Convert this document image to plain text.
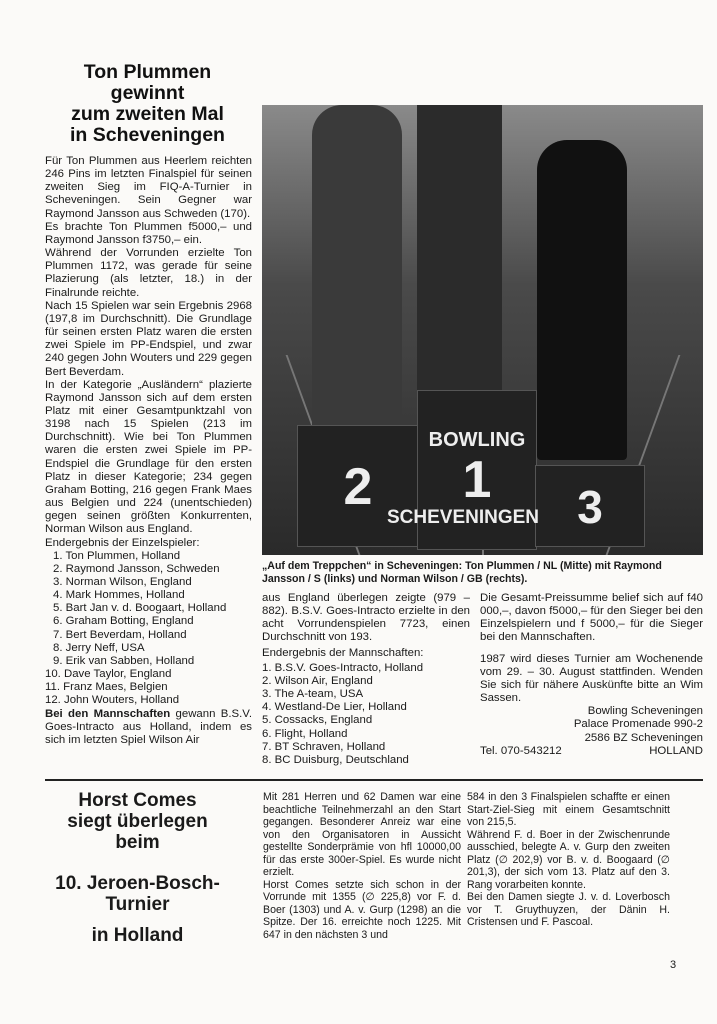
Ton Plummen
gewinnt
zum zweiten Mal
in Scheveningen

Für Ton Plummen aus Heerlem reichten 246 Pins im letzten Finalspiel für seinen zweiten Sieg im FIQ-A-Turnier in Scheveningen. Sein Gegner war Raymond Jansson aus Schweden (170).

Es brachte Ton Plummen f5000,– und Raymond Jansson f3750,– ein.

Während der Vorrunden erzielte Ton Plummen 1172, was gerade für seine Plazierung (als letzter, 18.) in der Finalrunde reichte.

Nach 15 Spielen war sein Ergebnis 2968 (197,8 im Durchschnitt). Die Grundlage für seinen ersten Platz waren die ersten zwei Spiele im PP-Endspiel, und zwar 240 gegen John Wouters und 229 gegen Bert Beverdam.

In der Kategorie „Ausländern“ plazierte Raymond Jansson sich auf dem ersten Platz mit einer Gesamtpunktzahl von 3198 nach 15 Spielen (213 im Durchschnitt). Wie bei Ton Plummen waren die ersten zwei Spiele im PP-Endspiel die Grundlage für den ersten Platz in dieser Kategorie; 234 gegen Graham Botting, 216 gegen Frank Maes aus Belgien und 224 (unentschieden) gegen seinen größten Konkurrenten, Norman Wilson aus England.

Endergebnis der Einzelspieler:

1. Ton Plummen, Holland
2. Raymond Jansson, Schweden
3. Norman Wilson, England
4. Mark Hommes, Holland
5. Bart Jan v. d. Boogaart, Holland
6. Graham Botting, England
7. Bert Beverdam, Holland
8. Jerry Neff, USA
9. Erik van Sabben, Holland
10. Dave Taylor, England
11. Franz Maes, Belgien
12. John Wouters, Holland

Bei den Mannschaften gewann B.S.V. Goes-Intracto aus Holland, indem es sich im letzten Spiel Wilson Air

2
BOWLING
1	3
SCHEVENINGEN
„Auf dem Treppchen“ in Scheveningen: Ton Plummen / NL (Mitte) mit Raymond Jansson / S (links) und Norman Wilson / GB (rechts).

aus England überlegen zeigte (979 – 882). B.S.V. Goes-Intracto erzielte in den acht Vorrundenspielen 7723, einen Durchschnitt von 193.

Endergebnis der Mannschaften:

1. B.S.V. Goes-Intracto, Holland
2. Wilson Air, England
3. The A-team, USA
4. Westland-De Lier, Holland
5. Cossacks, England
6. Flight, Holland
7. BT Schraven, Holland
8. BC Duisburg, Deutschland

Die Gesamt-Preissumme belief sich auf f40 000,–, davon f5000,– für den Sieger bei den Einzelspielern und f 5000,– für die Sieger bei den Mannschaften.

1987 wird dieses Turnier am Wochenende vom 29. – 30. August stattfinden. Wenden Sie sich für nähere Auskünfte bitte an Wim Sassen.

Bowling Scheveningen
Palace Promenade 990-2
2586 BZ Scheveningen
Tel. 070-543212	HOLLAND
Horst Comes
siegt überlegen
beim
10. Jeroen-Bosch-
Turnier
in Holland

Mit 281 Herren und 62 Damen war eine beachtliche Teilnehmerzahl an den Start gegangen. Besonderer Anreiz war eine von den Organisatoren in Aussicht gestellte Sonderprämie von hfl 10000,00 für das erste 300er-Spiel. Es wurde nicht erzielt.

Horst Comes setzte sich schon in der Vorrunde mit 1355 (∅ 225,8) vor F. d. Boer (1303) und A. v. Gurp (1298) an die Spitze. Der 16. erreichte noch 1225. Mit 647 in den nächsten 3 und

584 in den 3 Finalspielen schaffte er einen Start-Ziel-Sieg mit einem Gesamtschnitt von 215,5.

Während F. d. Boer in der Zwischenrunde ausschied, belegte A. v. Gurp den zweiten Platz (∅ 202,9) vor B. v. d. Boogaard (∅ 201,3), der sich vom 13. Platz auf den 3. Rang vorarbeiten konnte.

Bei den Damen siegte J. v. d. Loverbosch vor T. Gruythuyzen, der Dänin H. Cristensen und F. Pascoal.

3
